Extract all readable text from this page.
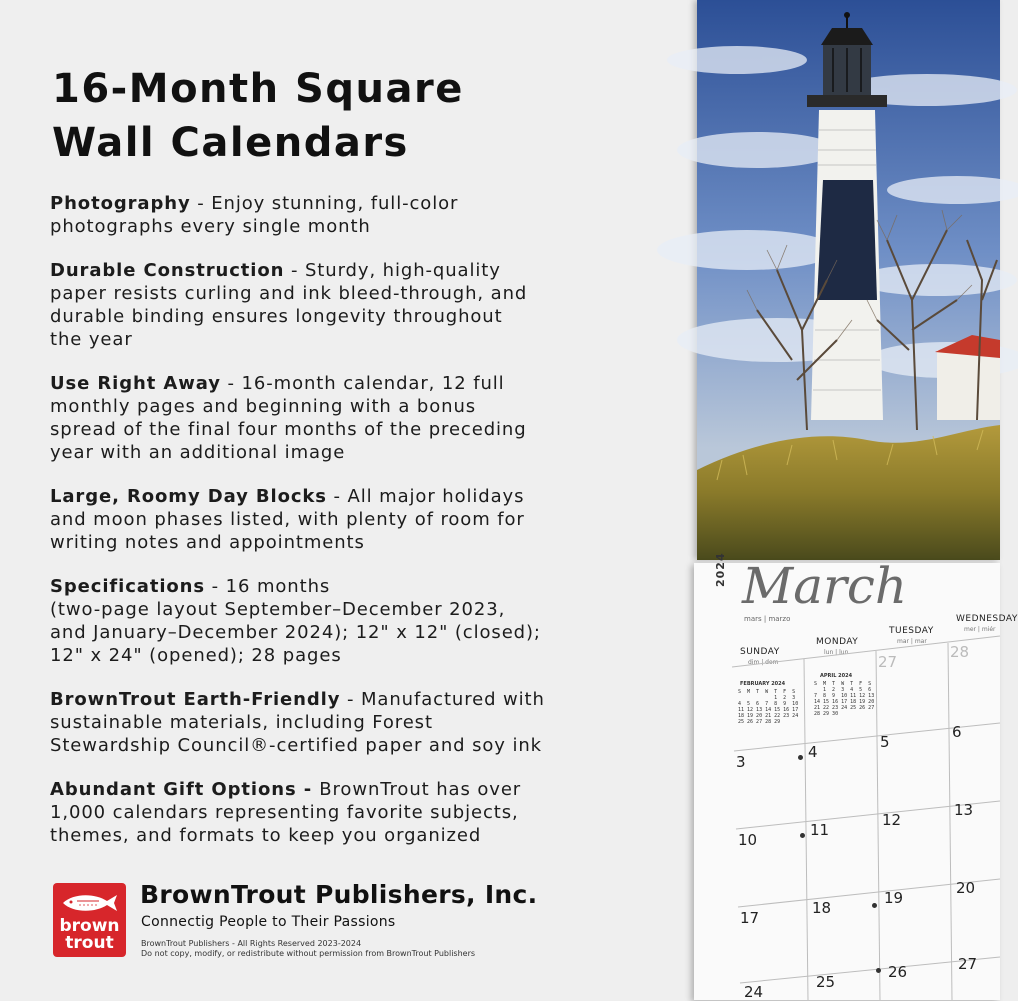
16-Month Square
Wall Calendars

Photography - Enjoy stunning, full-color
photographs every single month

Durable Construction - Sturdy, high-quality
paper resists curling and ink bleed-through, and
durable binding ensures longevity throughout
the year

Use Right Away - 16-month calendar, 12 full
monthly pages and beginning with a bonus
spread of the final four months of the preceding
year with an additional image

Large, Roomy Day Blocks - All major holidays
and moon phases listed, with plenty of room for
writing notes and appointments

Specifications - 16 months
(two-page layout September–December 2023,
and January–December 2024); 12" x 12" (closed);
12" x 24" (opened); 28 pages

BrownTrout Earth-Friendly - Manufactured with
sustainable materials, including Forest
Stewardship Council®-certified paper and soy ink

Abundant Gift Options - BrownTrout has over
1,000 calendars representing favorite subjects,
themes, and formats to keep you organized

brown
trout
BrownTrout Publishers, Inc.
Connectig People to Their Passions
BrownTrout Publishers - All Rights Reserved 2023-2024
Do not copy, modify, or redistribute without permission from BrownTrout Publishers
2024 March
mars | marzo
SUNDAY
dim | dom
MONDAY
lun | lun
TUESDAY
mar | mar
WEDNESDAY
mer | miér
FEBRUARY 2024
S  M  T  W  T  F  S
1  2  3
4  5  6  7  8  9  10
11 12 13 14 15 16 17
18 19 20 21 22 23 24
25 26 27 28 29
APRIL 2024
S  M  T  W  T  F  S
1  2  3  4  5  6
7  8  9  10 11 12 13
14 15 16 17 18 19 20
21 22 23 24 25 26 27
28 29 30
27
28
3
4
5
6
10
11
12
13
17
18
19
20
24
25
26	27
